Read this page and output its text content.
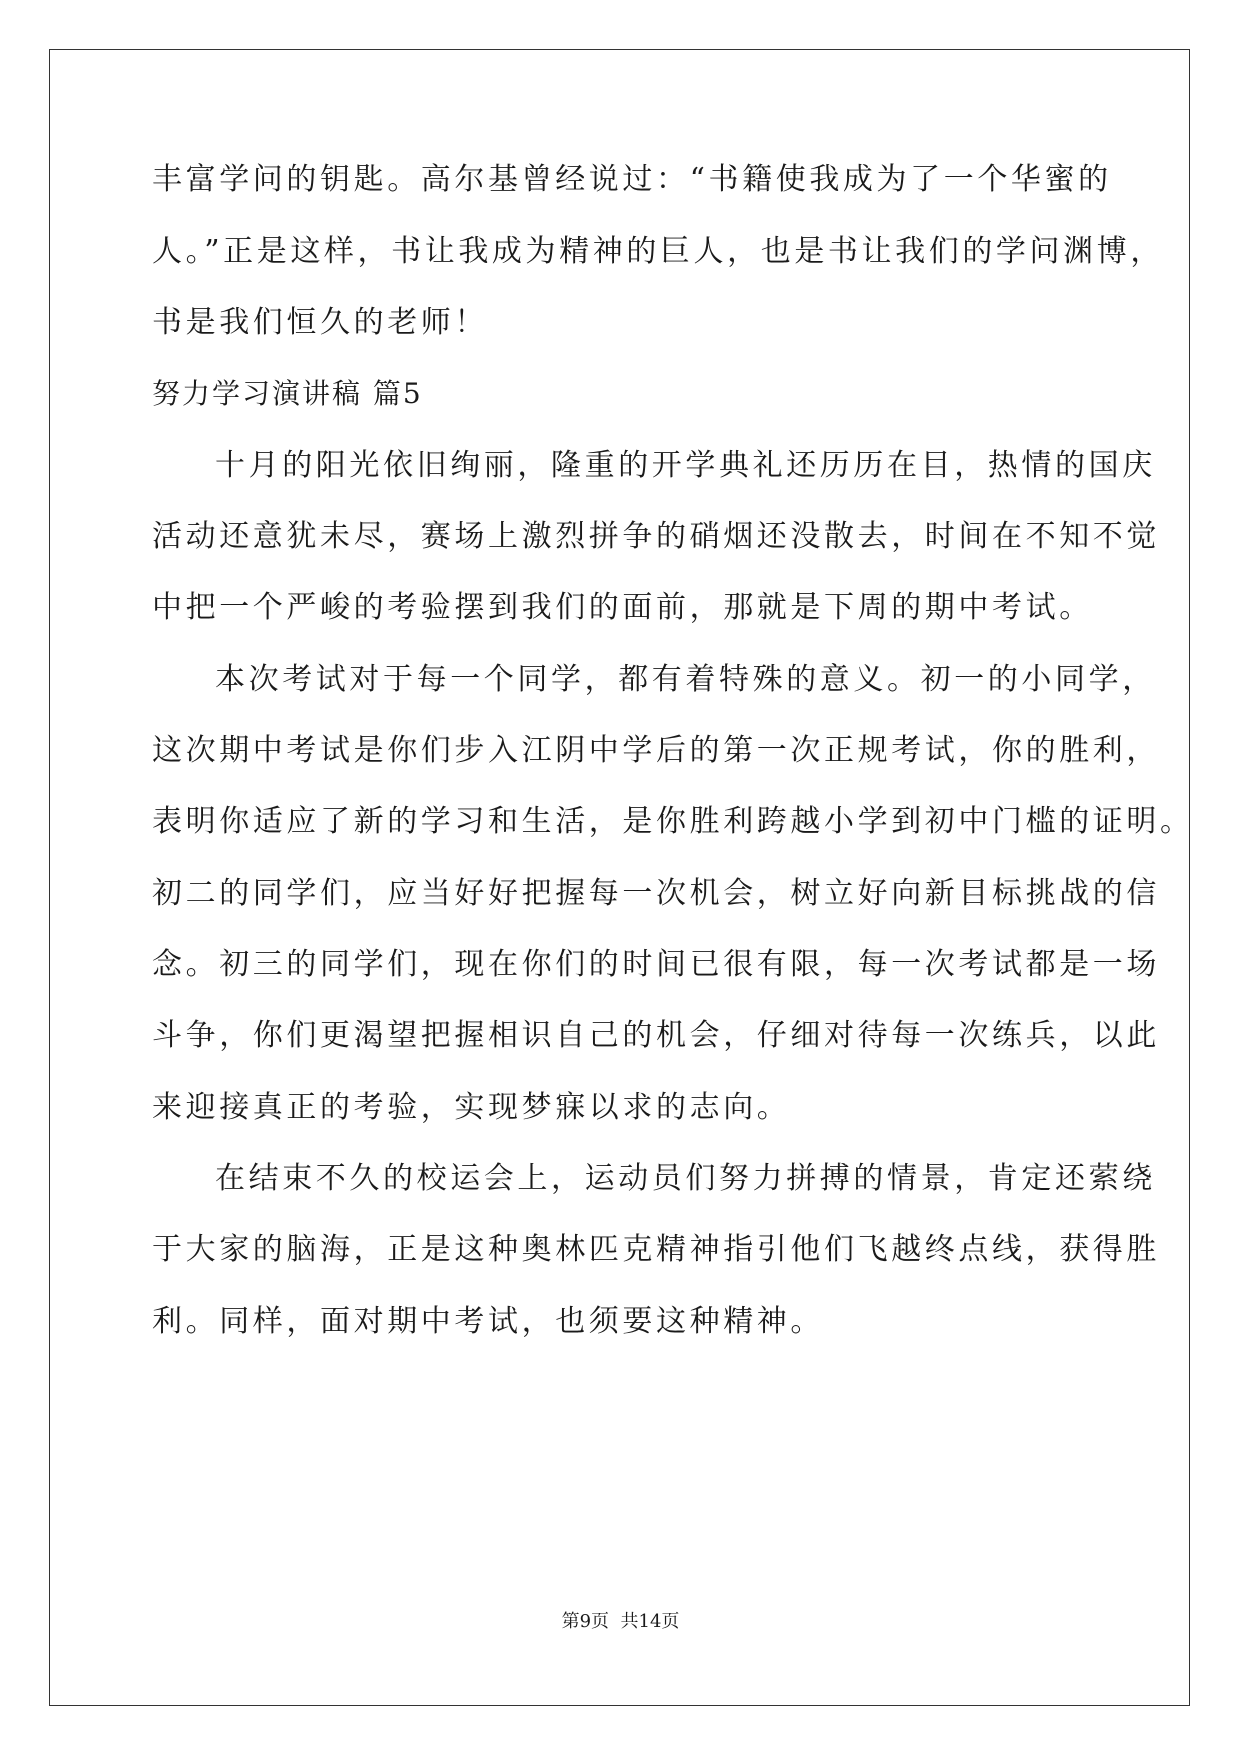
丰富学问的钥匙。高尔基曾经说过：“书籍使我成为了一个华蜜的
人。”正是这样，书让我成为精神的巨人，也是书让我们的学问渊博，
书是我们恒久的老师！
努力学习演讲稿 篇5
十月的阳光依旧绚丽，隆重的开学典礼还历历在目，热情的国庆
活动还意犹未尽，赛场上激烈拼争的硝烟还没散去，时间在不知不觉
中把一个严峻的考验摆到我们的面前，那就是下周的期中考试。
本次考试对于每一个同学，都有着特殊的意义。初一的小同学，
这次期中考试是你们步入江阴中学后的第一次正规考试，你的胜利，
表明你适应了新的学习和生活，是你胜利跨越小学到初中门槛的证明。
初二的同学们，应当好好把握每一次机会，树立好向新目标挑战的信
念。初三的同学们，现在你们的时间已很有限，每一次考试都是一场
斗争，你们更渴望把握相识自己的机会，仔细对待每一次练兵，以此
来迎接真正的考验，实现梦寐以求的志向。
在结束不久的校运会上，运动员们努力拼搏的情景，肯定还萦绕
于大家的脑海，正是这种奥林匹克精神指引他们飞越终点线，获得胜
利。同样，面对期中考试，也须要这种精神。
第9页  共14页
